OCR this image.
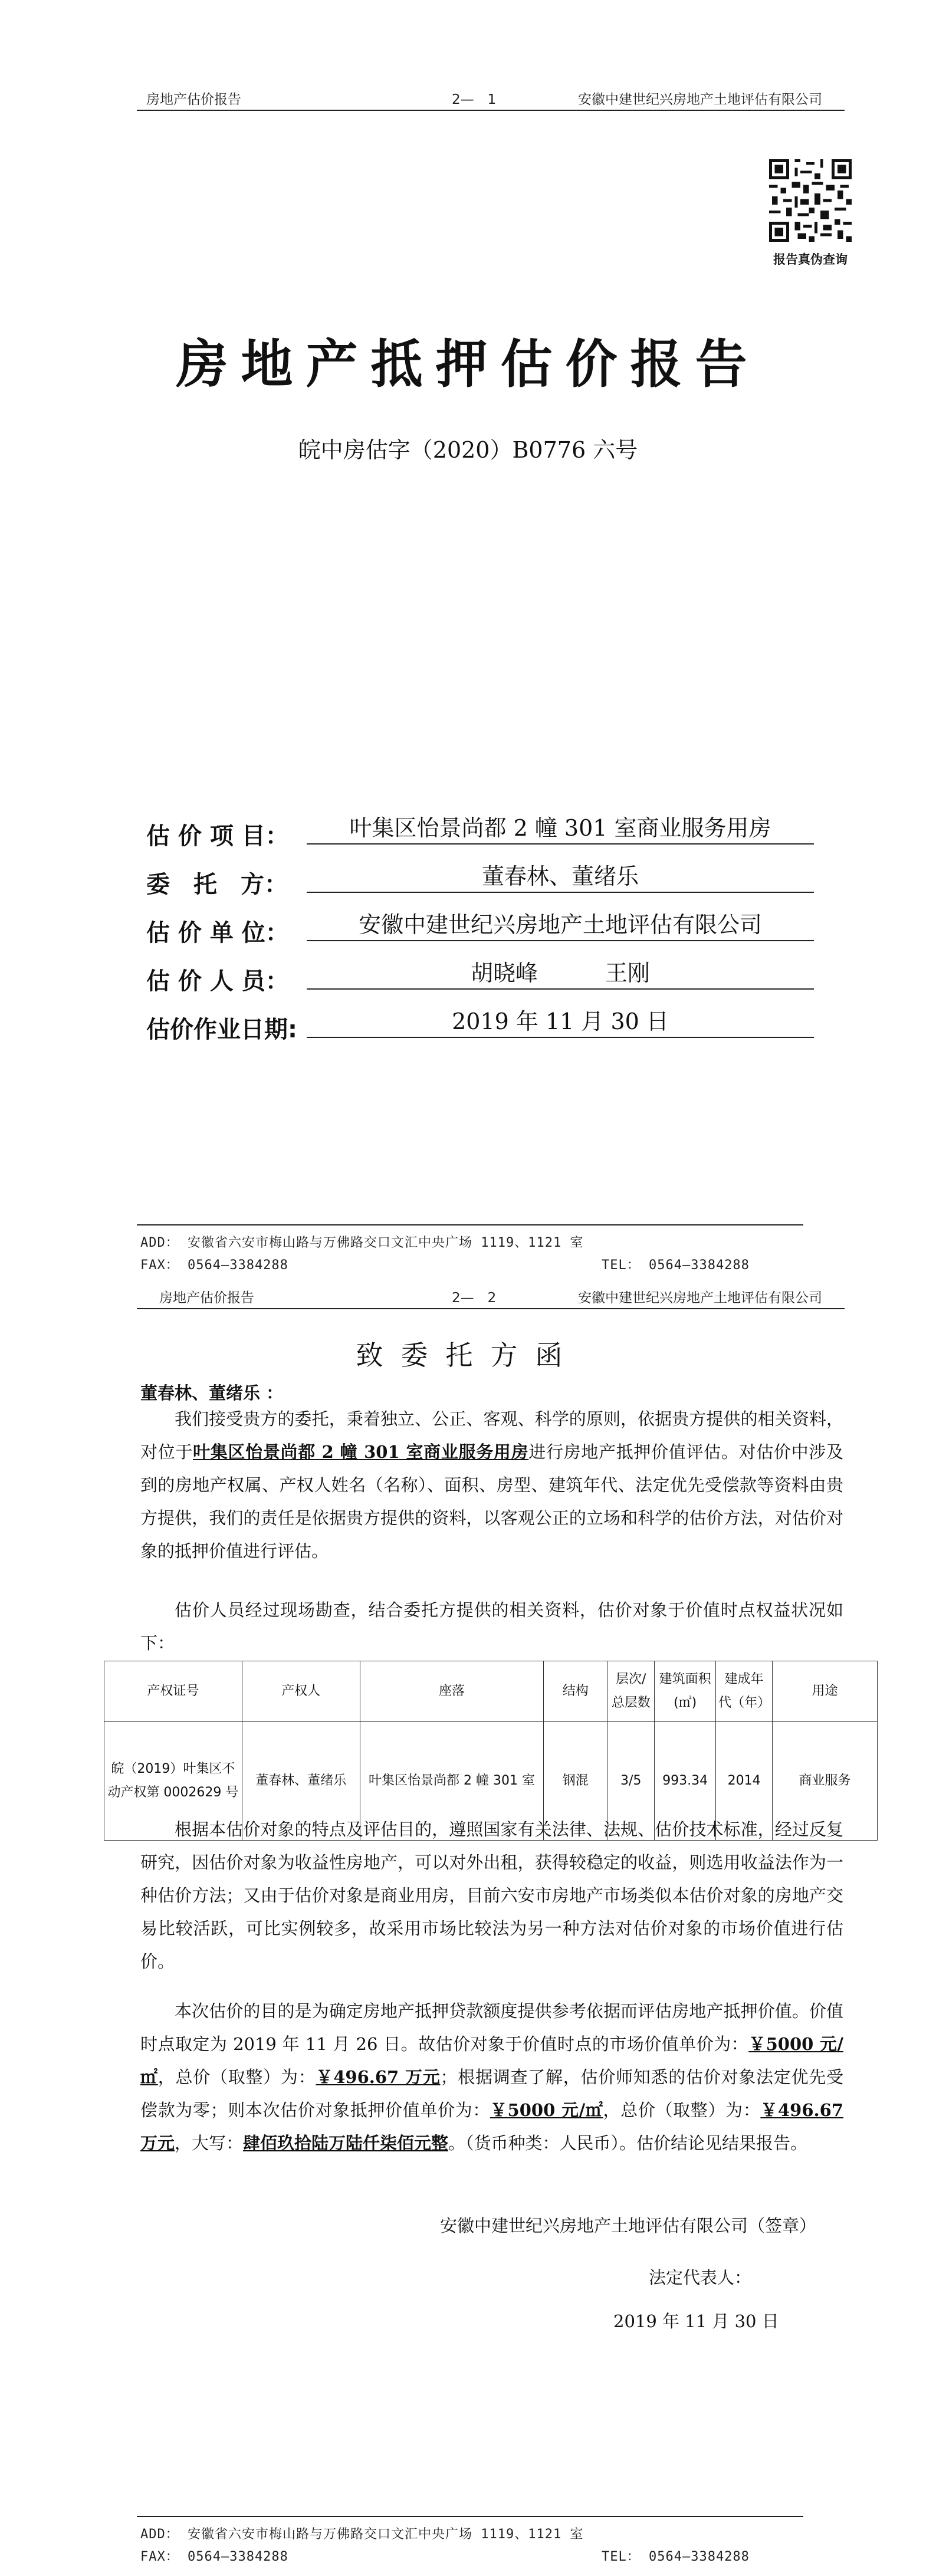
房地产估价报告	2—　1	安徽中建世纪兴房地产土地评估有限公司
报告真伪查询
房地产抵押估价报告
皖中房估字（2020）B0776 六号
估 价 项 目：	叶集区怡景尚都 2 幢 301 室商业服务用房
委　托　方：	董春林、董绪乐
估 价 单 位：	安徽中建世纪兴房地产土地评估有限公司
估 价 人 员：	胡晓峰　　　王刚
估价作业日期:	2019 年 11 月 30 日
ADD： 安徽省六安市梅山路与万佛路交口文汇中央广场 1119、1121 室
FAX： 0564—3384288	TEL： 0564—3384288
房地产估价报告	2—　2	安徽中建世纪兴房地产土地评估有限公司
致委托方函
董春林、董绪乐 ：
我们接受贵方的委托，秉着独立、公正、客观、科学的原则，依据贵方提供的相关资料，对位于叶集区怡景尚都 2 幢 301 室商业服务用房进行房地产抵押价值评估。对估价中涉及到的房地产权属、产权人姓名（名称）、面积、房型、建筑年代、法定优先受偿款等资料由贵方提供，我们的责任是依据贵方提供的资料，以客观公正的立场和科学的估价方法，对估价对象的抵押价值进行评估。
估价人员经过现场勘查，结合委托方提供的相关资料，估价对象于价值时点权益状况如下：
产权证号	产权人	座落	结构	层次/总层数	建筑面积(㎡)	建成年代（年）	用途
皖（2019）叶集区不动产权第 0002629 号	董春林、董绪乐	叶集区怡景尚都 2 幢 301 室	钢混	3/5	993.34	2014	商业服务
根据本估价对象的特点及评估目的，遵照国家有关法律、法规、估价技术标准，经过反复研究，因估价对象为收益性房地产，可以对外出租，获得较稳定的收益，则选用收益法作为一种估价方法；又由于估价对象是商业用房，目前六安市房地产市场类似本估价对象的房地产交易比较活跃，可比实例较多，故采用市场比较法为另一种方法对估价对象的市场价值进行估价。
本次估价的目的是为确定房地产抵押贷款额度提供参考依据而评估房地产抵押价值。价值时点取定为 2019 年 11 月 26 日。故估价对象于价值时点的市场价值单价为：￥5000 元/㎡，总价（取整）为：￥496.67 万元；根据调查了解，估价师知悉的估价对象法定优先受偿款为零；则本次估价对象抵押价值单价为：￥5000 元/㎡，总价（取整）为：￥496.67 万元，大写：肆佰玖拾陆万陆仟柒佰元整。（货币种类：人民币）。估价结论见结果报告。
安徽中建世纪兴房地产土地评估有限公司（签章）
法定代表人：
2019 年 11 月 30 日
ADD： 安徽省六安市梅山路与万佛路交口文汇中央广场 1119、1121 室
FAX： 0564—3384288	TEL： 0564—3384288
